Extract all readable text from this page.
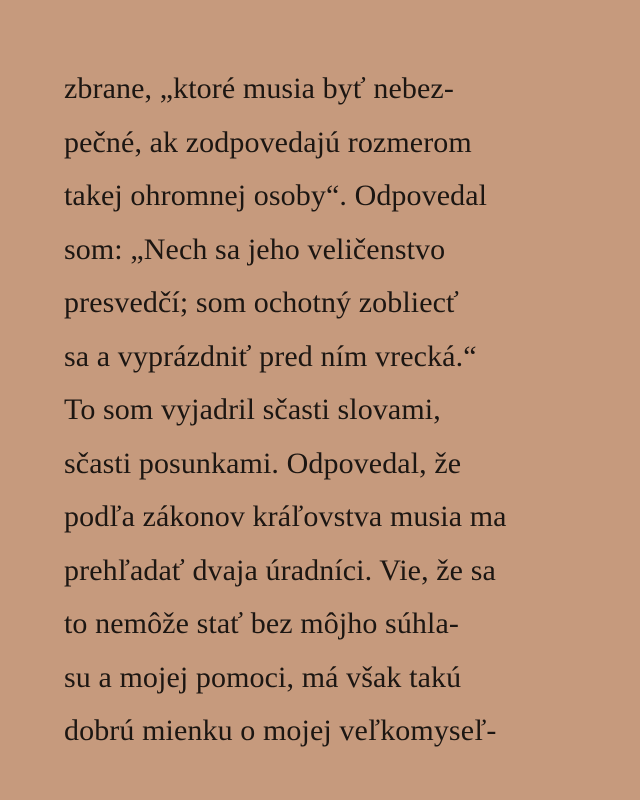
zbrane, „ktoré musia byť nebez-
pečné, ak zodpovedajú rozmerom
takej ohromnej osoby“. Odpovedal
som: „Nech sa jeho veličenstvo
presvedčí; som ochotný zobliecť
sa a vyprázdniť pred ním vrecká.“
To som vyjadril sčasti slovami,
sčasti posunkami. Odpovedal, že
podľa zákonov kráľovstva musia ma
prehľadať dvaja úradníci. Vie, že sa
to nemôže stať bez môjho súhla-
su a mojej pomoci, má však takú
dobrú mienku o mojej veľkomyseľ-
